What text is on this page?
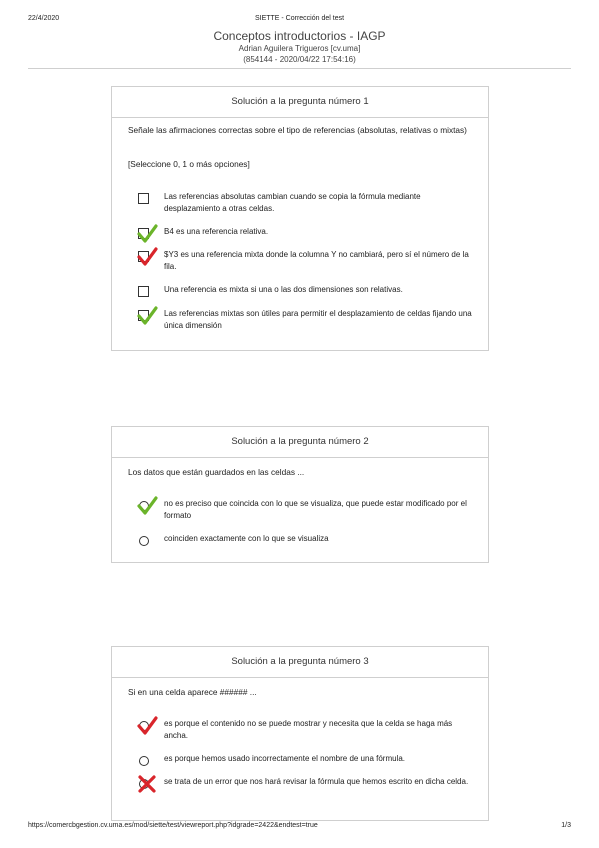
22/4/2020	SIETTE - Corrección del test
Conceptos introductorios - IAGP
Adrian Aguilera Trigueros [cv.uma]
(854144 - 2020/04/22 17:54:16)
Solución a la pregunta número 1
Señale las afirmaciones correctas sobre el tipo de referencias (absolutas, relativas o mixtas)
[Seleccione 0, 1 o más opciones]
Las referencias absolutas cambian cuando se copia la fórmula mediante desplazamiento a otras celdas.
B4 es una referencia relativa.
$Y3 es una referencia mixta donde la columna Y no cambiará, pero sí el número de la fila.
Una referencia es mixta si una o las dos dimensiones son relativas.
Las referencias mixtas son útiles para permitir el desplazamiento de celdas fijando una única dimensión
Solución a la pregunta número 2
Los datos que están guardados en las celdas ...
no es preciso que coincida con lo que se visualiza, que puede estar modificado por el formato
coinciden exactamente con lo que se visualiza
Solución a la pregunta número 3
Si en una celda aparece ###### ...
es porque el contenido no se puede mostrar y necesita que la celda se haga más ancha.
es porque hemos usado incorrectamente el nombre de una fórmula.
se trata de un error que nos hará revisar la fórmula que hemos escrito en dicha celda.
https://comercbgestion.cv.uma.es/mod/siette/test/viewreport.php?idgrade=2422&endtest=true	1/3
